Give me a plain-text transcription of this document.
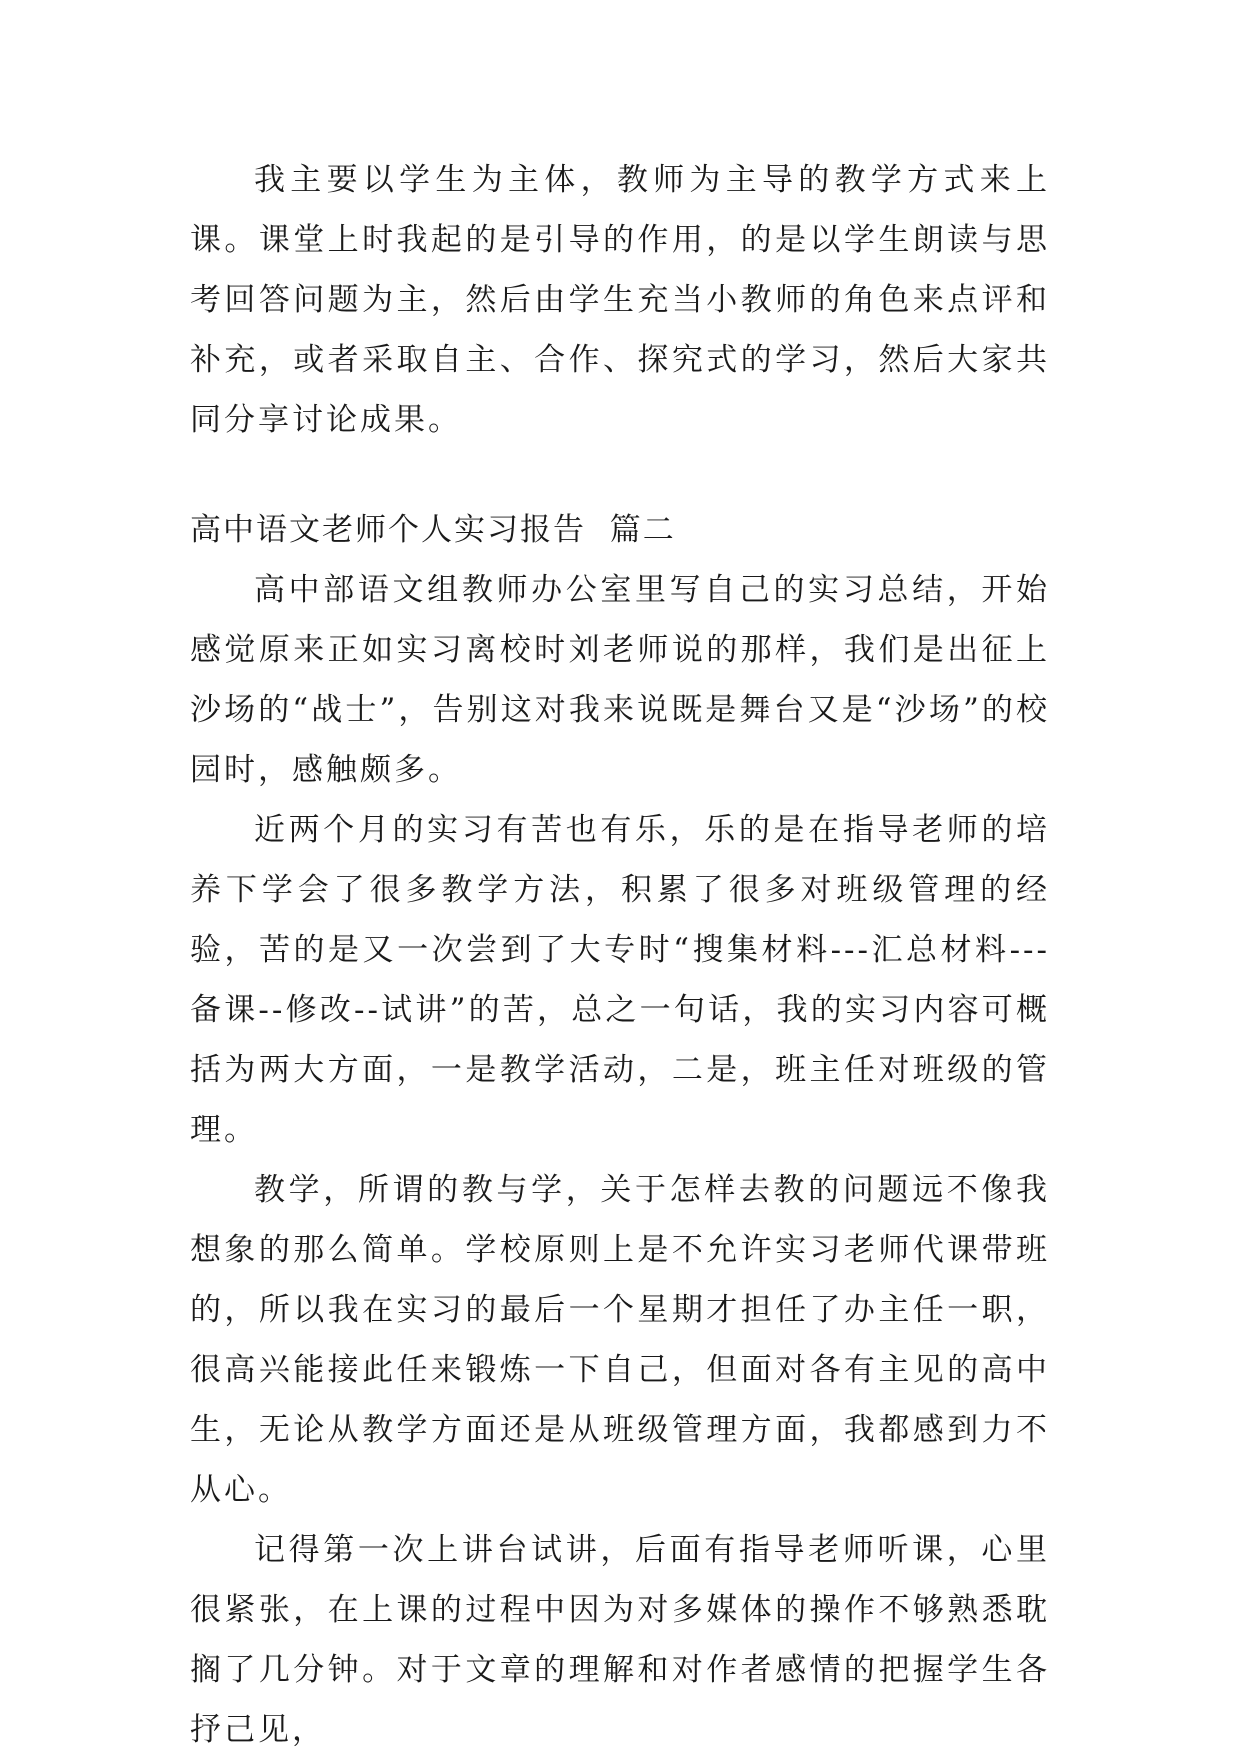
我主要以学生为主体，教师为主导的教学方式来上课。课堂上时我起的是引导的作用，的是以学生朗读与思考回答问题为主，然后由学生充当小教师的角色来点评和补充，或者采取自主、合作、探究式的学习，然后大家共同分享讨论成果。

高中语文老师个人实习报告  篇二

高中部语文组教师办公室里写自己的实习总结，开始感觉原来正如实习离校时刘老师说的那样，我们是出征上沙场的“战士”，告别这对我来说既是舞台又是“沙场”的校园时，感触颇多。

近两个月的实习有苦也有乐，乐的是在指导老师的培养下学会了很多教学方法，积累了很多对班级管理的经验，苦的是又一次尝到了大专时“搜集材料---汇总材料---备课--修改--试讲”的苦，总之一句话，我的实习内容可概括为两大方面，一是教学活动，二是，班主任对班级的管理。

教学，所谓的教与学，关于怎样去教的问题远不像我想象的那么简单。学校原则上是不允许实习老师代课带班的，所以我在实习的最后一个星期才担任了办主任一职，很高兴能接此任来锻炼一下自己，但面对各有主见的高中生，无论从教学方面还是从班级管理方面，我都感到力不从心。

记得第一次上讲台试讲，后面有指导老师听课，心里很紧张，在上课的过程中因为对多媒体的操作不够熟悉耽搁了几分钟。对于文章的理解和对作者感情的把握学生各抒己见，
